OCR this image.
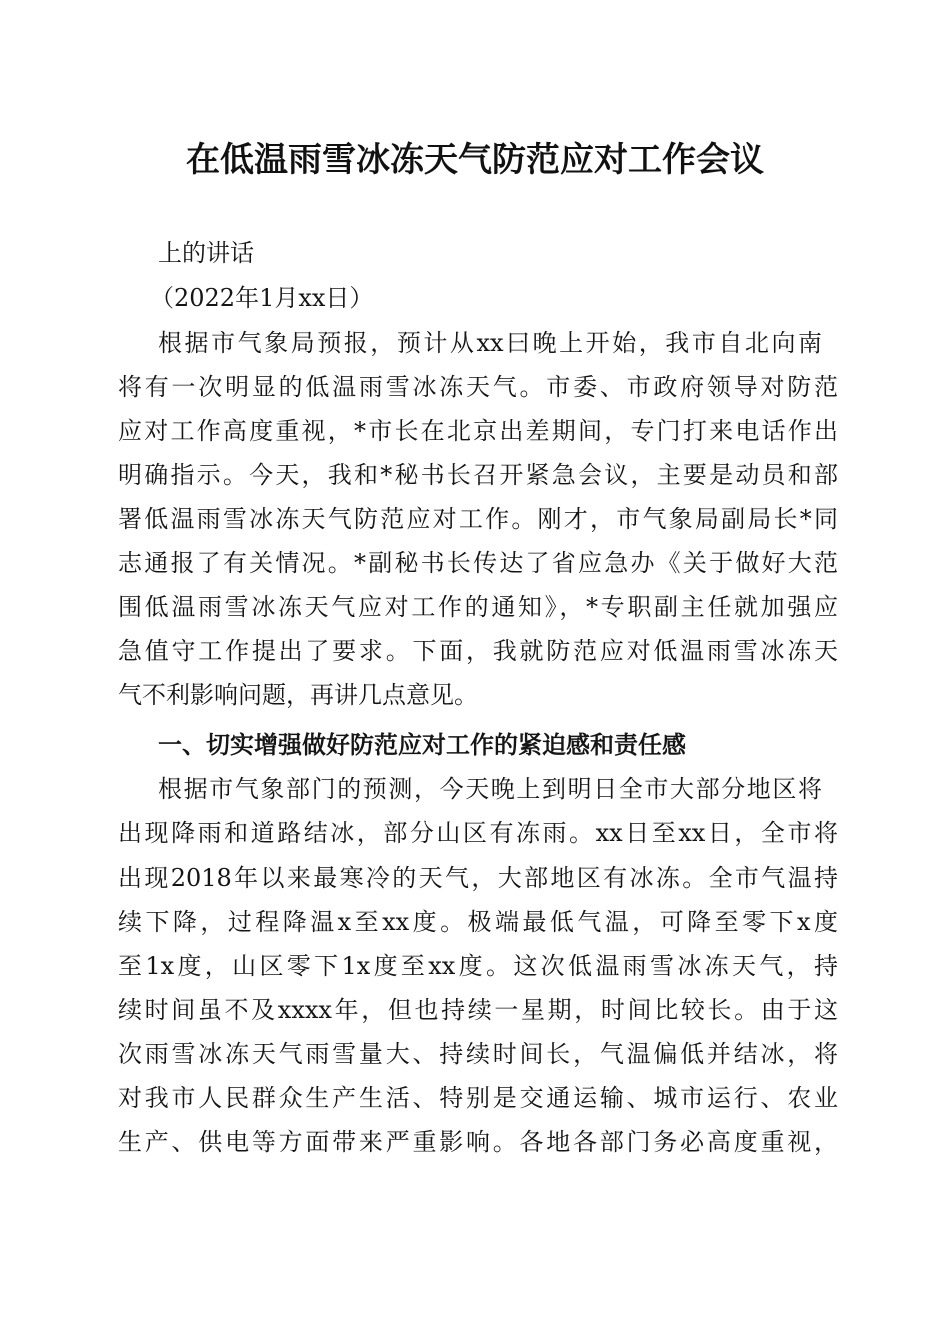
在低温雨雪冰冻天气防范应对工作会议
上的讲话
（2022年1月xx日）
根据市气象局预报，预计从xx曰晚上开始，我市自北向南
将有一次明显的低温雨雪冰冻天气。市委、市政府领导对防范
应对工作高度重视，*市长在北京出差期间，专门打来电话作出
明确指示。今天，我和*秘书长召开紧急会议，主要是动员和部
署低温雨雪冰冻天气防范应对工作。刚才，市气象局副局长*同
志通报了有关情况。*副秘书长传达了省应急办《关于做好大范
围低温雨雪冰冻天气应对工作的通知》，*专职副主任就加强应
急值守工作提出了要求。下面，我就防范应对低温雨雪冰冻天
气不利影响问题，再讲几点意见。
一、切实增强做好防范应对工作的紧迫感和责任感
根据市气象部门的预测，今天晚上到明日全市大部分地区将
出现降雨和道路结冰，部分山区有冻雨。xx日至xx日，全市将
出现2018年以来最寒冷的天气，大部地区有冰冻。全市气温持
续下降，过程降温x至xx度。极端最低气温，可降至零下x度
至1x度，山区零下1x度至xx度。这次低温雨雪冰冻天气，持
续时间虽不及xxxx年，但也持续一星期，时间比较长。由于这
次雨雪冰冻天气雨雪量大、持续时间长，气温偏低并结冰，将
对我市人民群众生产生活、特别是交通运输、城市运行、农业
生产、供电等方面带来严重影响。各地各部门务必高度重视，
